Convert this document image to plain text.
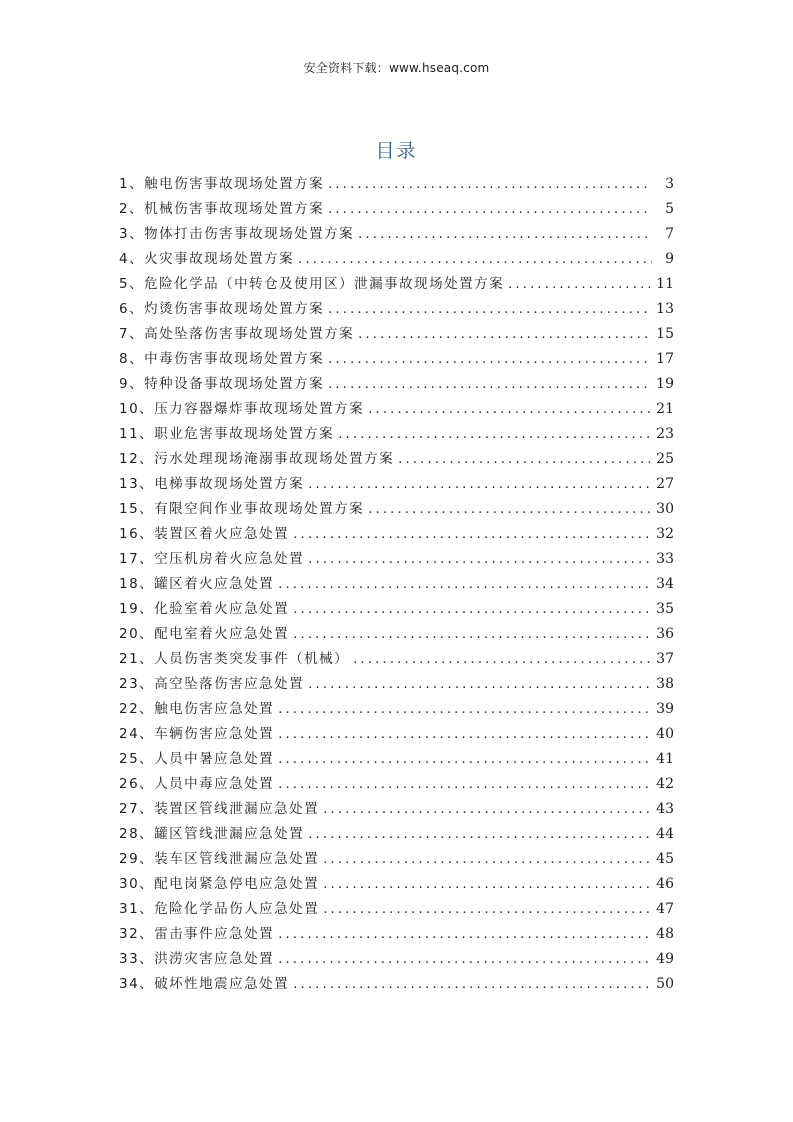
安全资料下载：www.hseaq.com
目录
1、触电伤害事故现场处置方案 .....	3
2、机械伤害事故现场处置方案 .....	5
3、物体打击伤害事故现场处置方案 .....	7
4、火灾事故现场处置方案 .....	9
5、危险化学品（中转仓及使用区）泄漏事故现场处置方案 .....	11
6、灼烫伤害事故现场处置方案 .....	13
7、高处坠落伤害事故现场处置方案 .....	15
8、中毒伤害事故现场处置方案 .....	17
9、特种设备事故现场处置方案 .....	19
10、压力容器爆炸事故现场处置方案 .....	21
11、职业危害事故现场处置方案 .....	23
12、污水处理现场淹溺事故现场处置方案 .....	25
13、电梯事故现场处置方案 .....	27
15、有限空间作业事故现场处置方案 .....	30
16、装置区着火应急处置 .....	32
17、空压机房着火应急处置 .....	33
18、罐区着火应急处置 .....	34
19、化验室着火应急处置 .....	35
20、配电室着火应急处置 .....	36
21、人员伤害类突发事件（机械） .....	37
23、高空坠落伤害应急处置 .....	38
22、触电伤害应急处置 .....	39
24、车辆伤害应急处置 .....	40
25、人员中暑应急处置 .....	41
26、人员中毒应急处置 .....	42
27、装置区管线泄漏应急处置 .....	43
28、罐区管线泄漏应急处置 .....	44
29、装车区管线泄漏应急处置 .....	45
30、配电岗紧急停电应急处置 .....	46
31、危险化学品伤人应急处置 .....	47
32、雷击事件应急处置 .....	48
33、洪涝灾害应急处置 .....	49
34、破坏性地震应急处置 .....	50
